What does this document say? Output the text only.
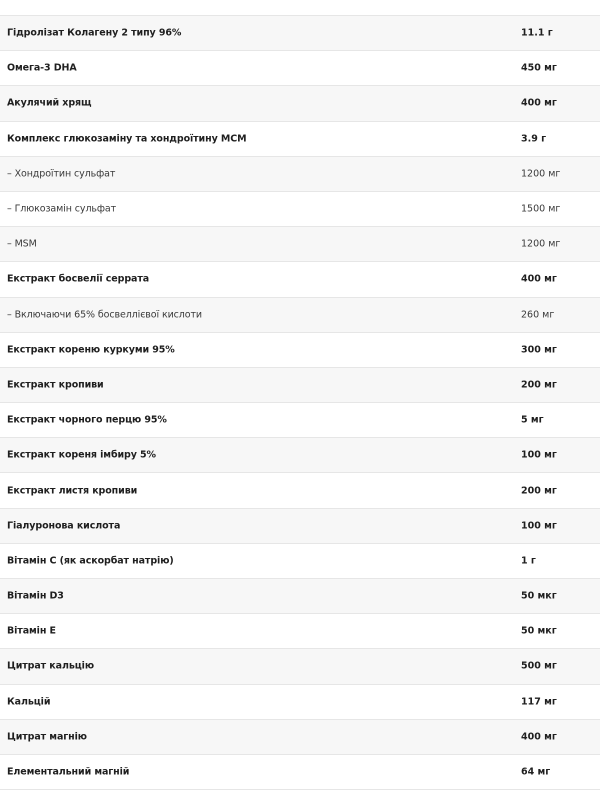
Гідролізат Колагену 2 типу 96%	11.1 г
Омега-3 DHA	450 мг
Акулячий хрящ	400 мг
Комплекс глюкозаміну та хондроїтину MCM	3.9 г
– Хондроїтин сульфат	1200 мг
– Глюкозамін сульфат	1500 мг
– MSM	1200 мг
Екстракт босвелії серрата	400 мг
– Включаючи 65% босвеллієвої кислоти	260 мг
Екстракт кореню куркуми 95%	300 мг
Екстракт кропиви	200 мг
Екстракт чорного перцю 95%	5 мг
Екстракт кореня імбиру 5%	100 мг
Екстракт листя кропиви	200 мг
Гіалуронова кислота	100 мг
Вітамін С (як аскорбат натрію)	1 г
Вітамін D3	50 мкг
Вітамін Е	50 мкг
Цитрат кальцію	500 мг
Кальцій	117 мг
Цитрат магнію	400 мг
Елементальний магній	64 мг
